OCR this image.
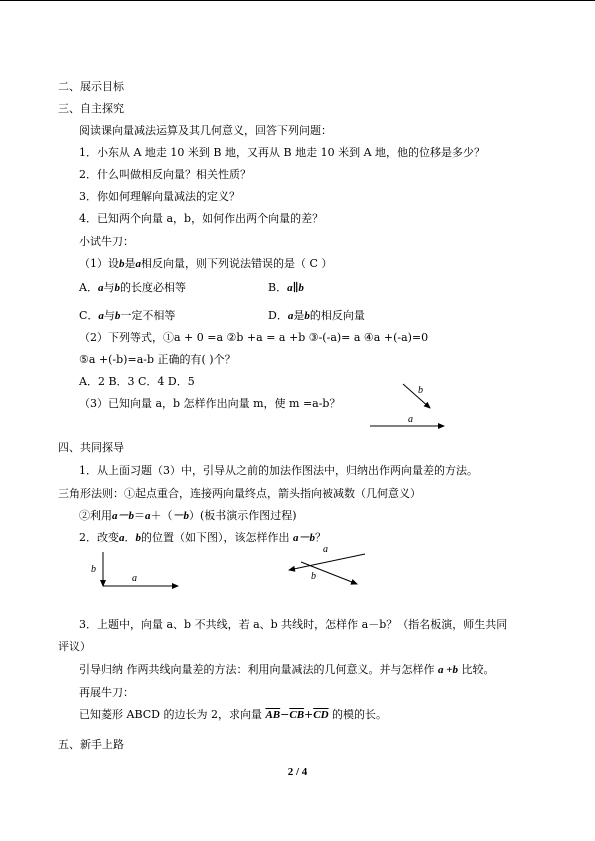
二、展示目标
三、自主探究
阅读课向量减法运算及其几何意义，回答下列问题：
1．小东从 A 地走 10 米到 B 地，又再从 B 地走 10 米到 A 地，他的位移是多少？
2．什么叫做相反向量？相关性质？
3．你如何理解向量减法的定义？
4．已知两个向量 a，b，如何作出两个向量的差？
小试牛刀：
（1）设b是a相反向量，则下列说法错误的是（ C ）
A．a与b的长度必相等	B．a∥b
C．a与b一定不相等	D．a是b的相反向量
（2）下列等式，①a + 0 =a ②b +a = a +b ③-(-a)= a ④a +(-a)=0
⑤a +(-b)=a-b 正确的有( )个？
A．2 B．3 C．4 D．5
（3）已知向量 a，b 怎样作出向量 m，使 m =a-b？
b
a
四、共同探导
1．从上面习题（3）中，引导从之前的加法作图法中，归纳出作两向量差的方法。
三角形法则：①起点重合，连接两向量终点，箭头指向被减数（几何意义）
②利用a－b＝a＋（－b）(板书演示作图过程)
2．改变a．b的位置（如下图），该怎样作出 a－b？
b
a
a
b
3．上题中，向量 a、b 不共线，若 a、b 共线时，怎样作 a－b？（指名板演，师生共同
评议）
引导归纳 作两共线向量差的方法：利用向量减法的几何意义。并与怎样作 a +b 比较。
再展牛刀：
已知菱形 ABCD 的边长为 2，求向量 $\overline{AB}-\overline{CB}+\overline{CD}$ 的模的长。
五、新手上路
2 / 4
